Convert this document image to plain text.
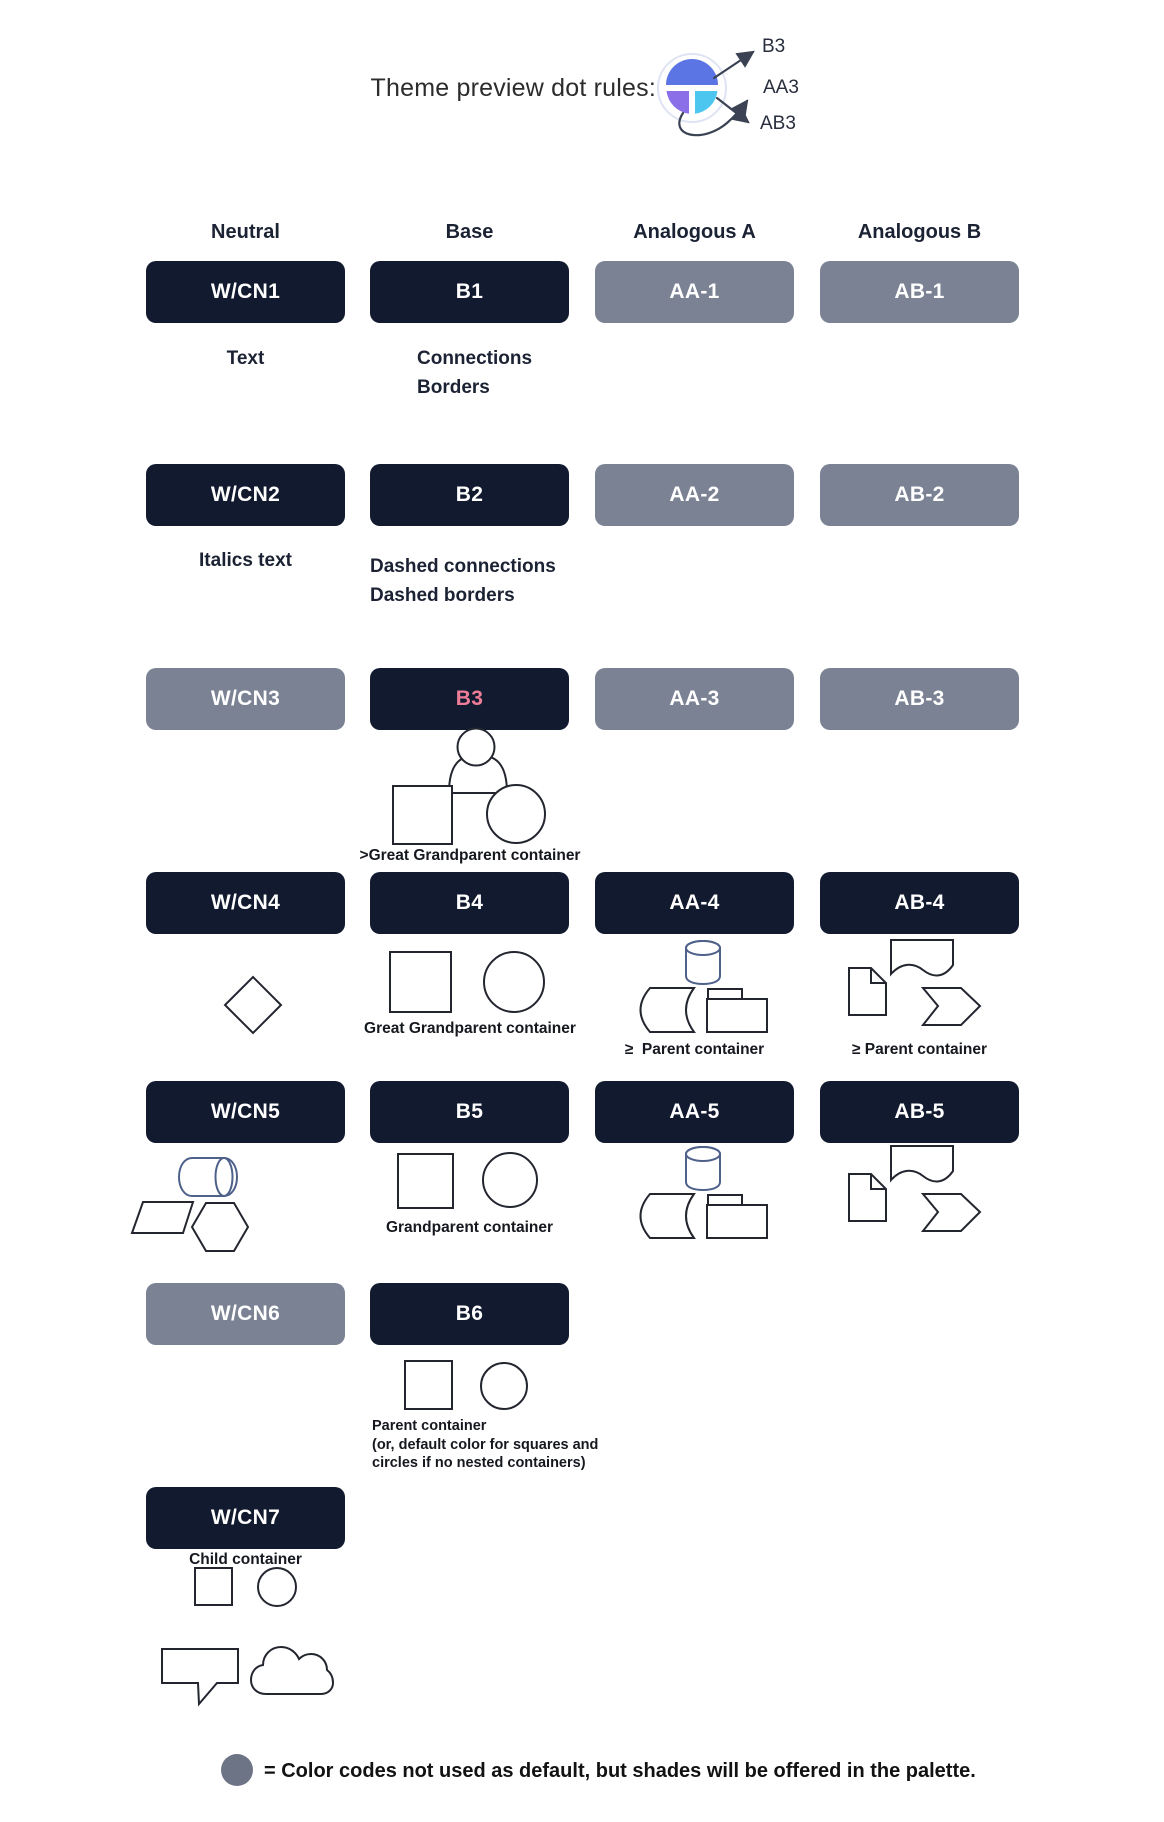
Theme preview dot rules:
B3
AA3
AB3
Neutral	Base	Analogous A	Analogous B
W/CN1	B1	AA-1	AB-1
Text	Connections
Borders
W/CN2	B2	AA-2	AB-2
Italics text	Dashed connections
Dashed borders
W/CN3	B3	AA-3	AB-3
>Great Grandparent container
W/CN4	B4	AA-4	AB-4
Great Grandparent container
≥  Parent container	≥ Parent container
W/CN5	B5	AA-5	AB-5
Grandparent container
W/CN6	B6
Parent container
(or, default color for squares and
circles if no nested containers)
W/CN7
Child container
= Color codes not used as default, but shades will be offered in the palette.
